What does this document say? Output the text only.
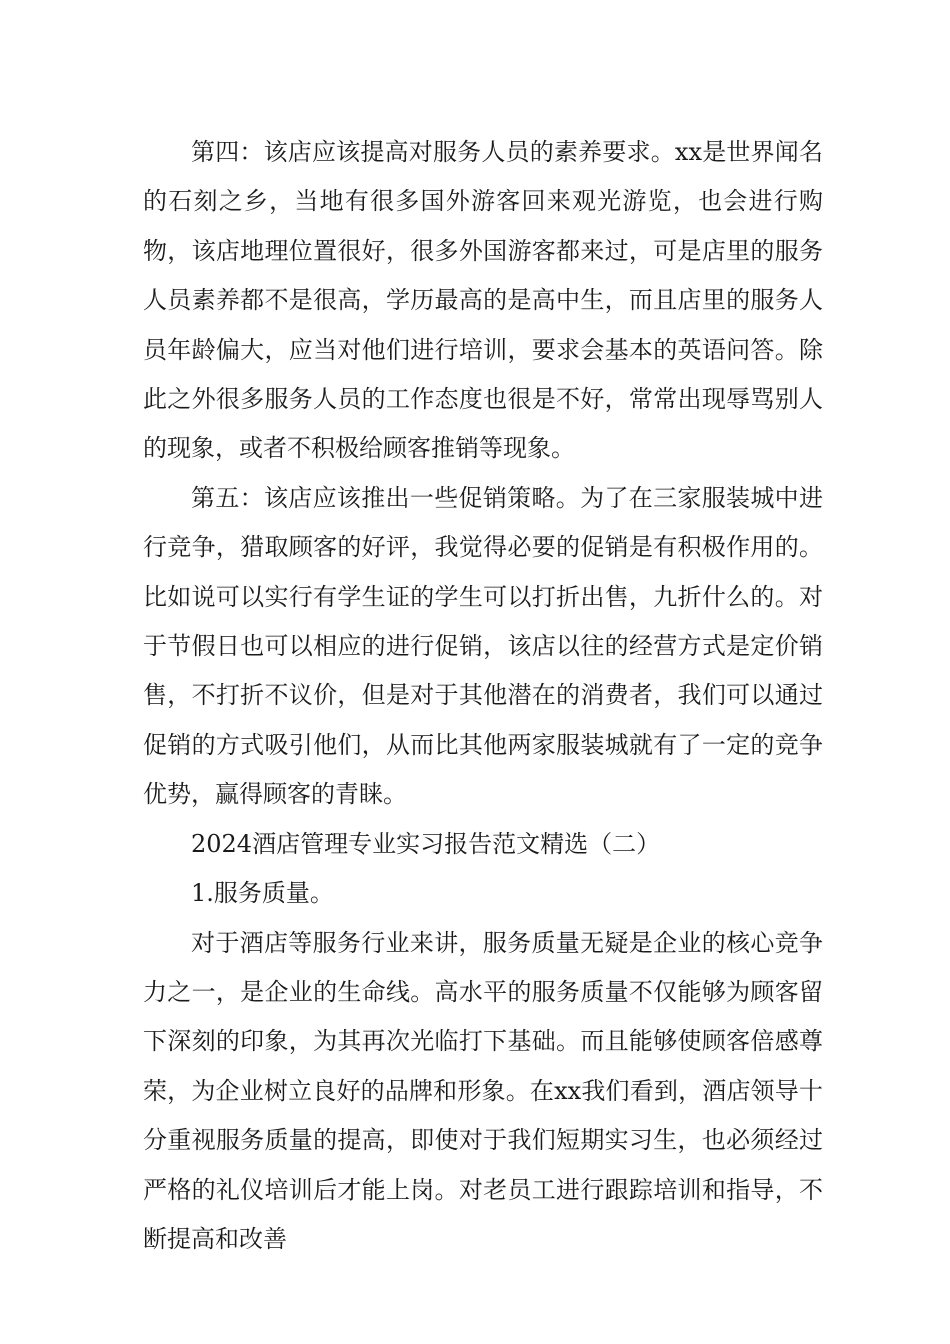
第四：该店应该提高对服务人员的素养要求。xx是世界闻名的石刻之乡，当地有很多国外游客回来观光游览，也会进行购物，该店地理位置很好，很多外国游客都来过，可是店里的服务人员素养都不是很高，学历最高的是高中生，而且店里的服务人员年龄偏大，应当对他们进行培训，要求会基本的英语问答。除此之外很多服务人员的工作态度也很是不好，常常出现辱骂别人的现象，或者不积极给顾客推销等现象。

第五：该店应该推出一些促销策略。为了在三家服装城中进行竞争，猎取顾客的好评，我觉得必要的促销是有积极作用的。比如说可以实行有学生证的学生可以打折出售，九折什么的。对于节假日也可以相应的进行促销，该店以往的经营方式是定价销售，不打折不议价，但是对于其他潜在的消费者，我们可以通过促销的方式吸引他们，从而比其他两家服装城就有了一定的竞争优势，赢得顾客的青睐。

2024酒店管理专业实习报告范文精选（二）

1.服务质量。

对于酒店等服务行业来讲，服务质量无疑是企业的核心竞争力之一，是企业的生命线。高水平的服务质量不仅能够为顾客留下深刻的印象，为其再次光临打下基础。而且能够使顾客倍感尊荣，为企业树立良好的品牌和形象。在xx我们看到，酒店领导十分重视服务质量的提高，即使对于我们短期实习生，也必须经过严格的礼仪培训后才能上岗。对老员工进行跟踪培训和指导，不断提高和改善
